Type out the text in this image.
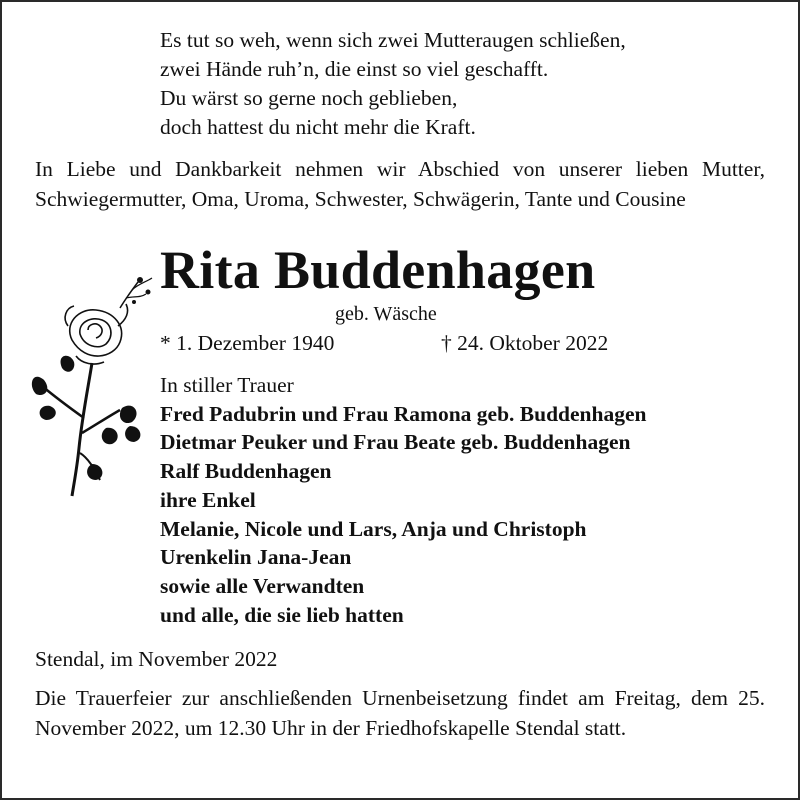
Es tut so weh, wenn sich zwei Mutteraugen schließen,
zwei Hände ruh’n, die einst so viel geschafft.
Du wärst so gerne noch geblieben,
doch hattest du nicht mehr die Kraft.

In Liebe und Dankbarkeit nehmen wir Abschied von unserer lieben Mutter, Schwiegermutter, Oma, Uroma, Schwester, Schwägerin, Tante und Cousine

Rita Buddenhagen
geb. Wäsche
* 1. Dezember 1940	† 24. Oktober 2022
In stiller Trauer
Fred Padubrin und Frau Ramona geb. Buddenhagen
Dietmar Peuker und Frau Beate geb. Buddenhagen
Ralf Buddenhagen
ihre Enkel
Melanie, Nicole und Lars, Anja und Christoph
Urenkelin Jana-Jean
sowie alle Verwandten
und alle, die sie lieb hatten
Stendal, im November 2022

Die Trauerfeier zur anschließenden Urnenbeisetzung findet am Freitag, dem 25. November 2022, um 12.30 Uhr in der Friedhofskapelle Stendal statt.
